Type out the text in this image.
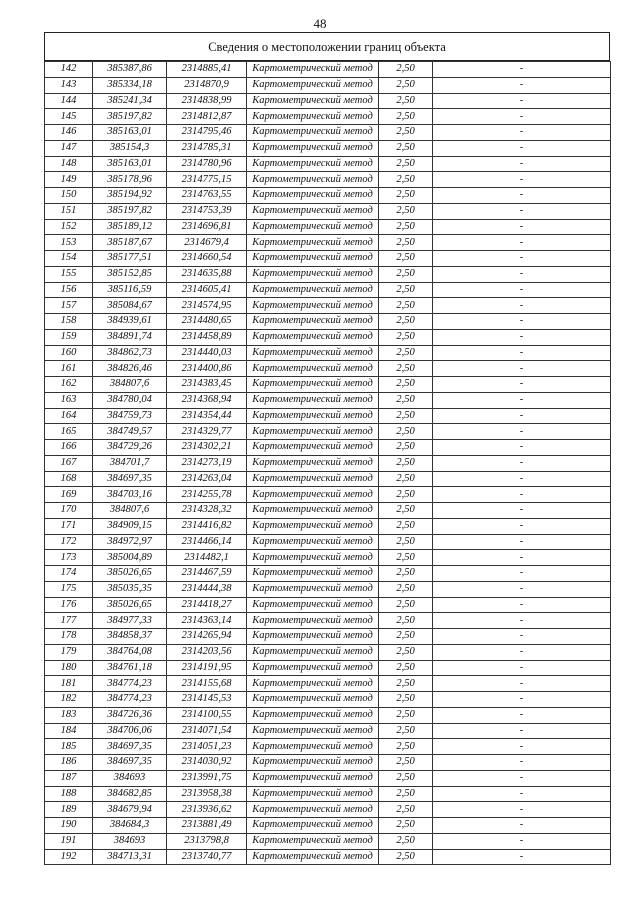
48
Сведения о местоположении границ объекта
142	385387,86	2314885,41	Картометрический метод	2,50	-
143	385334,18	2314870,9	Картометрический метод	2,50	-
144	385241,34	2314838,99	Картометрический метод	2,50	-
145	385197,82	2314812,87	Картометрический метод	2,50	-
146	385163,01	2314795,46	Картометрический метод	2,50	-
147	385154,3	2314785,31	Картометрический метод	2,50	-
148	385163,01	2314780,96	Картометрический метод	2,50	-
149	385178,96	2314775,15	Картометрический метод	2,50	-
150	385194,92	2314763,55	Картометрический метод	2,50	-
151	385197,82	2314753,39	Картометрический метод	2,50	-
152	385189,12	2314696,81	Картометрический метод	2,50	-
153	385187,67	2314679,4	Картометрический метод	2,50	-
154	385177,51	2314660,54	Картометрический метод	2,50	-
155	385152,85	2314635,88	Картометрический метод	2,50	-
156	385116,59	2314605,41	Картометрический метод	2,50	-
157	385084,67	2314574,95	Картометрический метод	2,50	-
158	384939,61	2314480,65	Картометрический метод	2,50	-
159	384891,74	2314458,89	Картометрический метод	2,50	-
160	384862,73	2314440,03	Картометрический метод	2,50	-
161	384826,46	2314400,86	Картометрический метод	2,50	-
162	384807,6	2314383,45	Картометрический метод	2,50	-
163	384780,04	2314368,94	Картометрический метод	2,50	-
164	384759,73	2314354,44	Картометрический метод	2,50	-
165	384749,57	2314329,77	Картометрический метод	2,50	-
166	384729,26	2314302,21	Картометрический метод	2,50	-
167	384701,7	2314273,19	Картометрический метод	2,50	-
168	384697,35	2314263,04	Картометрический метод	2,50	-
169	384703,16	2314255,78	Картометрический метод	2,50	-
170	384807,6	2314328,32	Картометрический метод	2,50	-
171	384909,15	2314416,82	Картометрический метод	2,50	-
172	384972,97	2314466,14	Картометрический метод	2,50	-
173	385004,89	2314482,1	Картометрический метод	2,50	-
174	385026,65	2314467,59	Картометрический метод	2,50	-
175	385035,35	2314444,38	Картометрический метод	2,50	-
176	385026,65	2314418,27	Картометрический метод	2,50	-
177	384977,33	2314363,14	Картометрический метод	2,50	-
178	384858,37	2314265,94	Картометрический метод	2,50	-
179	384764,08	2314203,56	Картометрический метод	2,50	-
180	384761,18	2314191,95	Картометрический метод	2,50	-
181	384774,23	2314155,68	Картометрический метод	2,50	-
182	384774,23	2314145,53	Картометрический метод	2,50	-
183	384726,36	2314100,55	Картометрический метод	2,50	-
184	384706,06	2314071,54	Картометрический метод	2,50	-
185	384697,35	2314051,23	Картометрический метод	2,50	-
186	384697,35	2314030,92	Картометрический метод	2,50	-
187	384693	2313991,75	Картометрический метод	2,50	-
188	384682,85	2313958,38	Картометрический метод	2,50	-
189	384679,94	2313936,62	Картометрический метод	2,50	-
190	384684,3	2313881,49	Картометрический метод	2,50	-
191	384693	2313798,8	Картометрический метод	2,50	-
192	384713,31	2313740,77	Картометрический метод	2,50	-
